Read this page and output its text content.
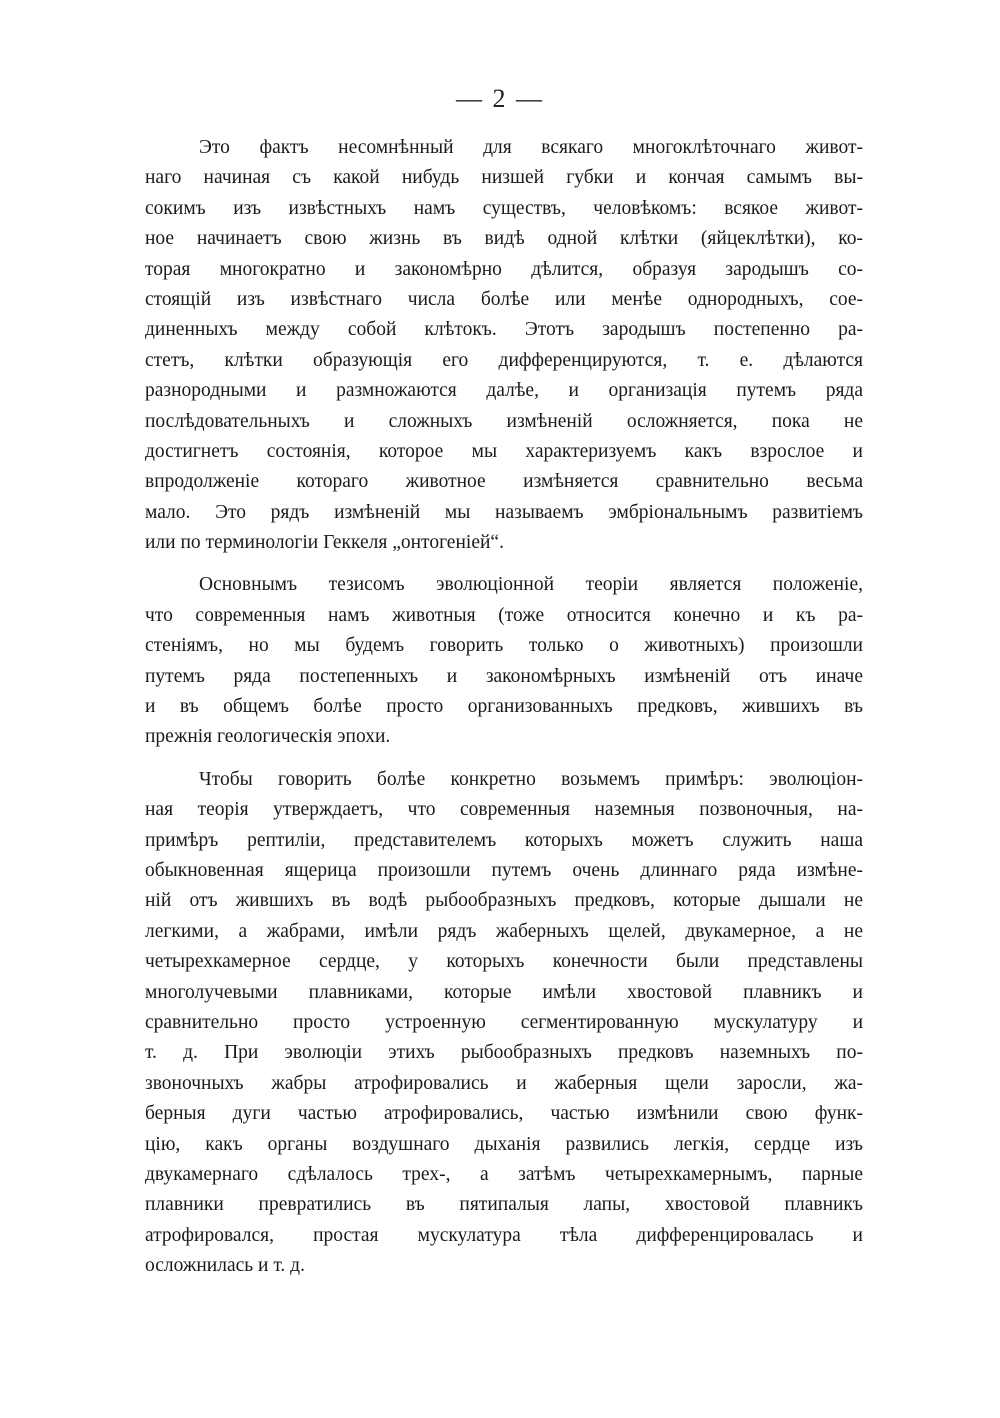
— 2 —
Это фактъ несомнѣнный для всякаго многоклѣточнаго живот-
наго начиная съ какой нибудь низшей губки и кончая самымъ вы-
сокимъ изъ извѣстныхъ намъ существъ, человѣкомъ: всякое живот-
ное начинаетъ свою жизнь въ видѣ одной клѣтки (яйцеклѣтки), ко-
торая многократно и закономѣрно дѣлится, образуя зародышъ со-
стоящій изъ извѣстнаго числа болѣе или менѣе однородныхъ, сое-
диненныхъ между собой клѣтокъ. Этотъ зародышъ постепенно ра-
стетъ, клѣтки образующія его дифференцируются, т. е. дѣлаются
разнородными и размножаются далѣе, и организація путемъ ряда
послѣдовательныхъ и сложныхъ измѣненій осложняется, пока не
достигнетъ состоянія, которое мы характеризуемъ какъ взрослое и
впродолженіе котораго животное измѣняется сравнительно весьма
мало. Это рядъ измѣненій мы называемъ эмбріональнымъ развитіемъ
или по терминологіи Геккеля „онтогеніей“.
Основнымъ тезисомъ эволюціонной теоріи является положеніе,
что современныя намъ животныя (тоже относится конечно и къ ра-
стеніямъ, но мы будемъ говорить только о животныхъ) произошли
путемъ ряда постепенныхъ и закономѣрныхъ измѣненій отъ иначе
и въ общемъ болѣе просто организованныхъ предковъ, жившихъ въ
прежнія геологическія эпохи.
Чтобы говорить болѣе конкретно возьмемъ примѣръ: эволюціон-
ная теорія утверждаетъ, что современныя наземныя позвоночныя, на-
примѣръ рептиліи, представителемъ которыхъ можетъ служить наша
обыкновенная ящерица произошли путемъ очень длиннаго ряда измѣне-
ній отъ жившихъ въ водѣ рыбообразныхъ предковъ, которые дышали не
легкими, а жабрами, имѣли рядъ жаберныхъ щелей, двукамерное, а не
четырехкамерное сердце, у которыхъ конечности были представлены
многолучевыми плавниками, которые имѣли хвостовой плавникъ и
сравнительно просто устроенную сегментированную мускулатуру и
т. д. При эволюціи этихъ рыбообразныхъ предковъ наземныхъ по-
звоночныхъ жабры атрофировались и жаберныя щели заросли, жа-
берныя дуги частью атрофировались, частью измѣнили свою функ-
цію, какъ органы воздушнаго дыханія развились легкія, сердце изъ
двукамернаго сдѣлалось трех-, а затѣмъ четырехкамернымъ, парные
плавники превратились въ пятипалыя лапы, хвостовой плавникъ
атрофировался, простая мускулатура тѣла дифференцировалась и
осложнилась и т. д.
